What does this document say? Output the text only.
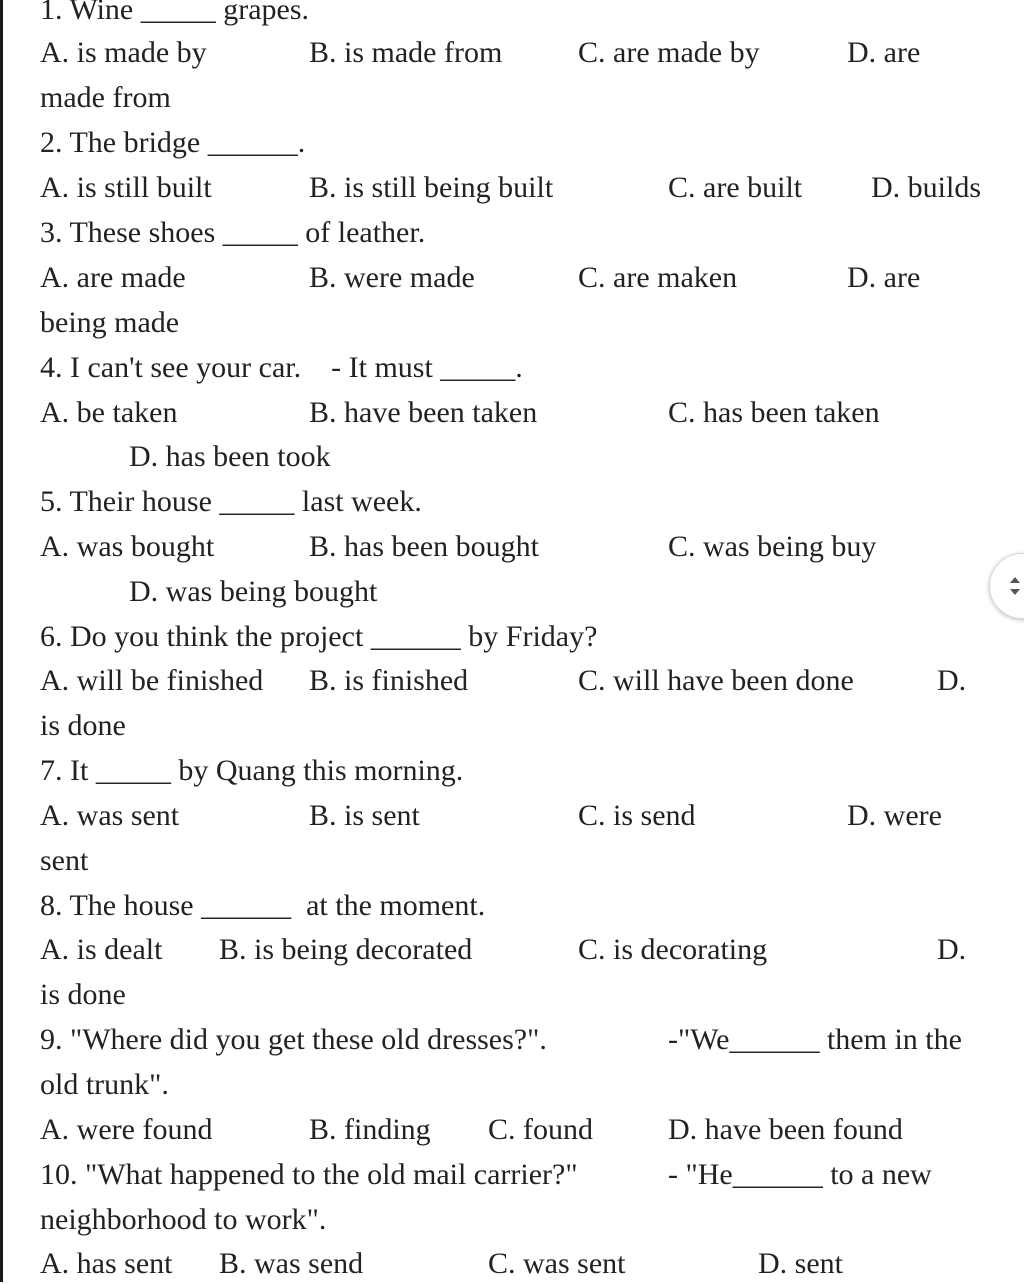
1. Wine _____ grapes.
A. is made by	B. is made from	C. are made by	D. are
made from
2. The bridge ______.
A. is still built	B. is still being built	C. are built D. builds
3. These shoes _____ of leather.
A. are made	B. were made	C. are maken	D. are
being made
4. I can't see your car.    - It must _____.
A. be taken	B. have been taken	C. has been taken
D. has been took
5. Their house _____ last week.
A. was bought	B. has been bought	C. was being buy
D. was being bought
6. Do you think the project ______ by Friday?
A. will be finished B. is finished	C. will have been done	D.
is done
7. It _____ by Quang this morning.
A. was sent	B. is sent	C. is send	D. were
sent
8. The house ______  at the moment.
A. is dealt B. is being decorated	C. is decorating	D.
is done
9. "Where did you get these old dresses?".	-"We______ them in the
old trunk".
A. were found	B. finding C. found	D. have been found
10. "What happened to the old mail carrier?"	- "He______ to a new
neighborhood to work".
A. has sent B. was send	C. was sent	D. sent
